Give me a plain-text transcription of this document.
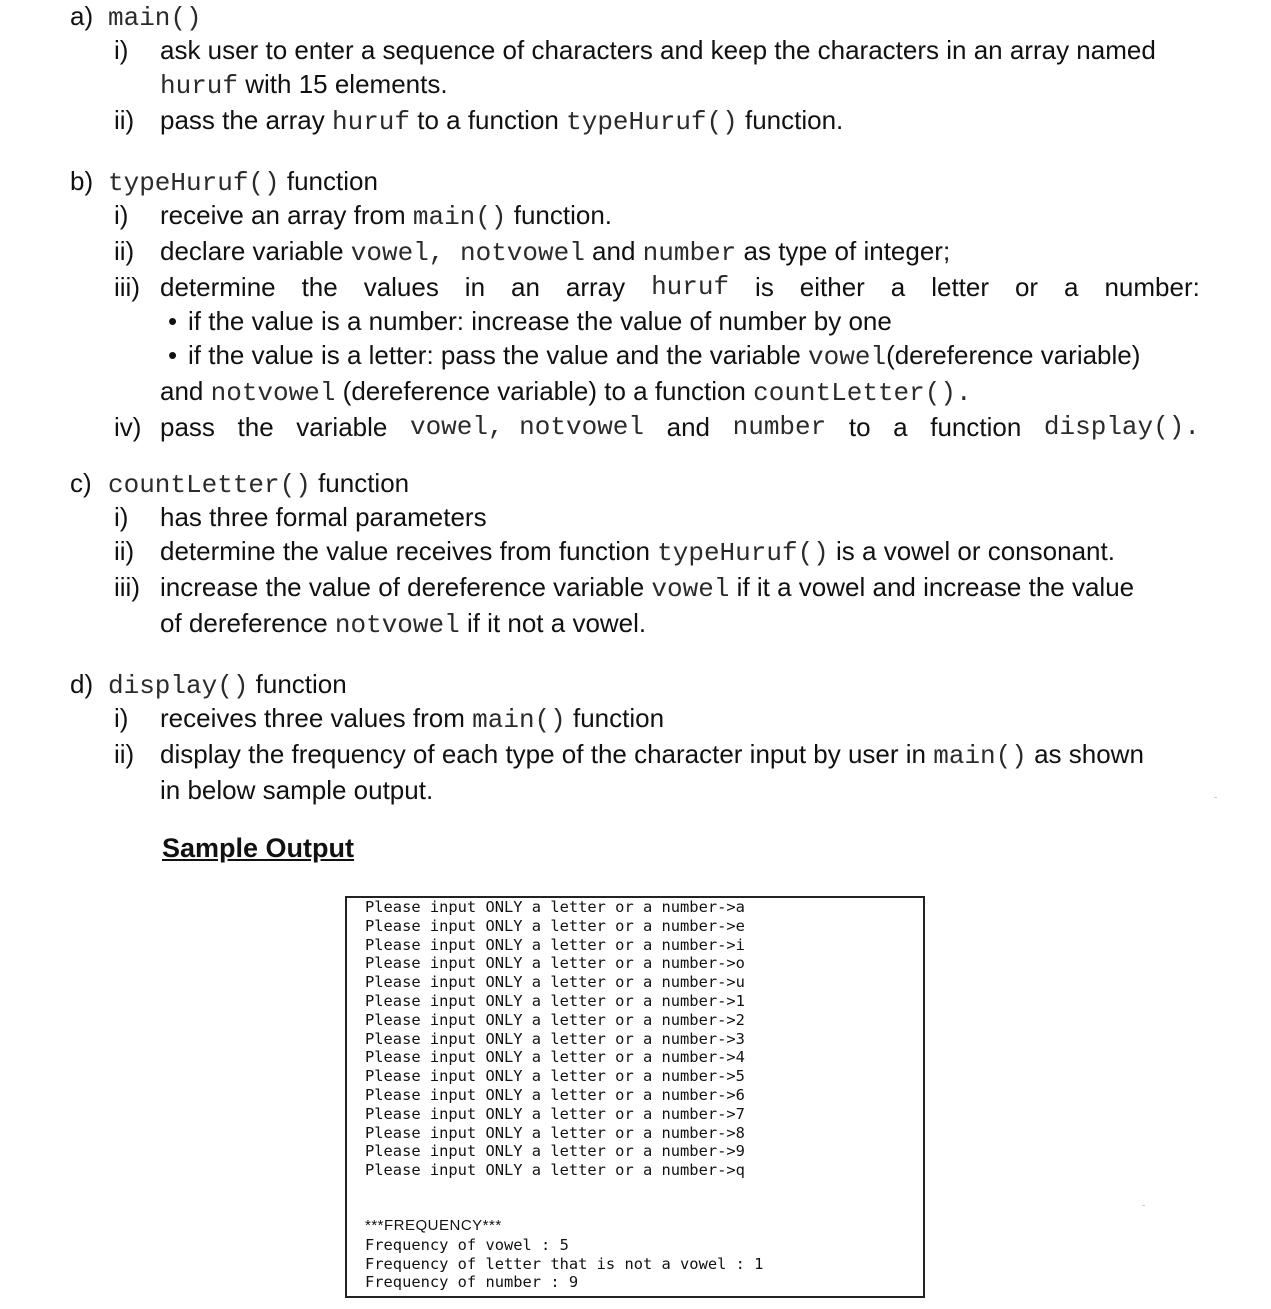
a) main()
i) ask user to enter a sequence of characters and keep the characters in an array named
huruf with 15 elements.
ii) pass the array huruf to a function typeHuruf() function.
b) typeHuruf() function
i) receive an array from main() function.
ii) declare variable vowel, notvowel and number as type of integer;
iii) determine the values in an array huruf is either a letter or a number:
• if the value is a number: increase the value of number by one
• if the value is a letter: pass the value and the variable vowel(dereference variable)
and notvowel (dereference variable) to a function countLetter().
iv) pass the variable vowel, notvowel and number to a function display().
c) countLetter() function
i) has three formal parameters
ii) determine the value receives from function typeHuruf() is a vowel or consonant.
iii) increase the value of dereference variable vowel if it a vowel and increase the value
of dereference notvowel if it not a vowel.
d) display() function
i) receives three values from main() function
ii) display the frequency of each type of the character input by user in main() as shown
in below sample output.
Sample Output
Please input ONLY a letter or a number->a
Please input ONLY a letter or a number->e
Please input ONLY a letter or a number->i
Please input ONLY a letter or a number->o
Please input ONLY a letter or a number->u
Please input ONLY a letter or a number->1
Please input ONLY a letter or a number->2
Please input ONLY a letter or a number->3
Please input ONLY a letter or a number->4
Please input ONLY a letter or a number->5
Please input ONLY a letter or a number->6
Please input ONLY a letter or a number->7
Please input ONLY a letter or a number->8
Please input ONLY a letter or a number->9
Please input ONLY a letter or a number->q
***FREQUENCY***
Frequency of vowel : 5
Frequency of letter that is not a vowel : 1
Frequency of number : 9
